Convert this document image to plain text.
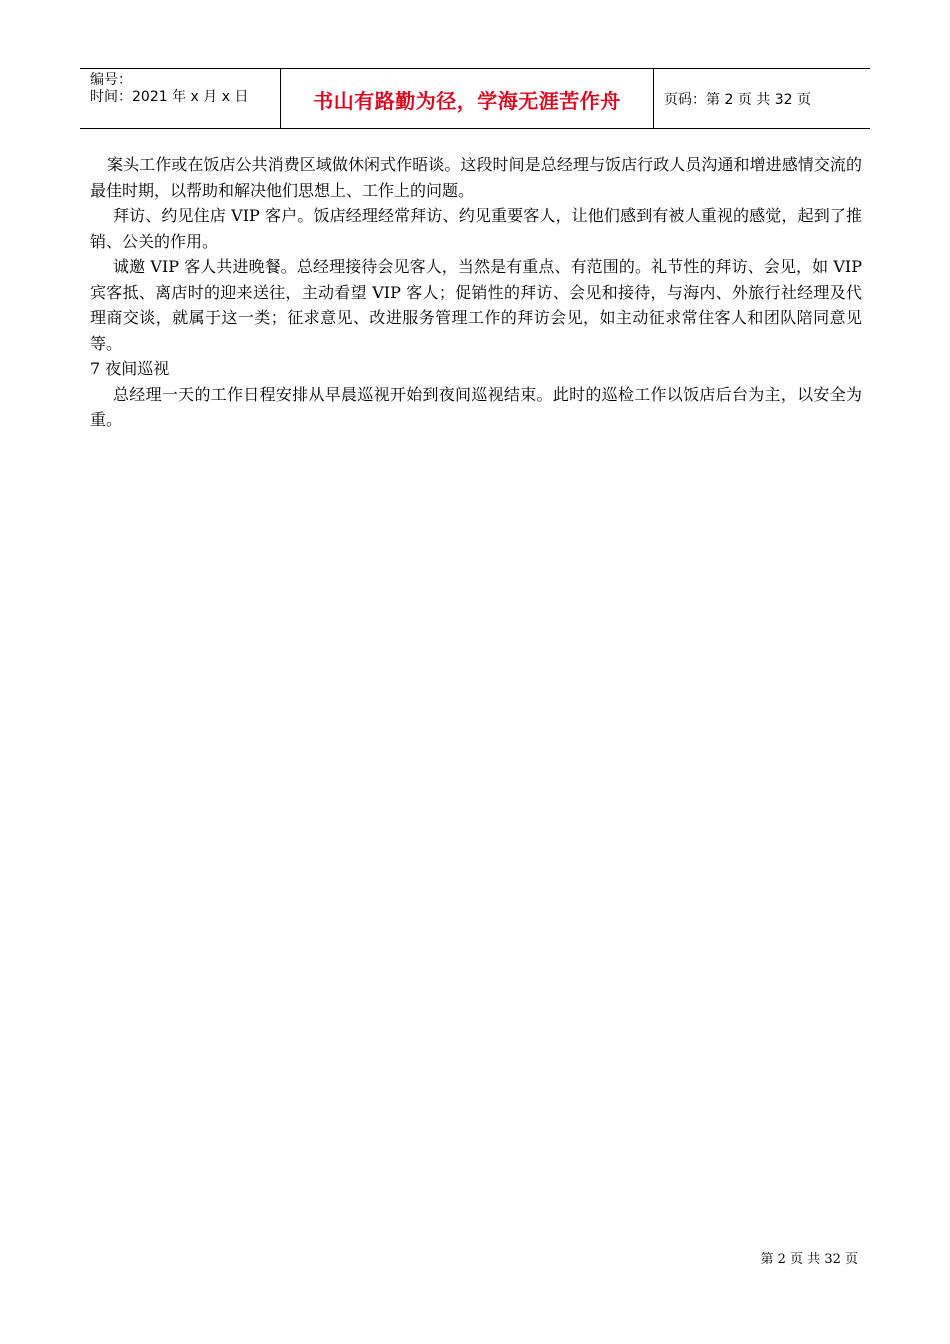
编号：
时间：2021 年 x 月 x 日	书山有路勤为径，学海无涯苦作舟	页码：第 2 页 共 32 页

案头工作或在饭店公共消费区域做休闲式作晤谈。这段时间是总经理与饭店行政人员沟通和增进感情交流的最佳时期，以帮助和解决他们思想上、工作上的问题。

拜访、约见住店 VIP 客户。饭店经理经常拜访、约见重要客人，让他们感到有被人重视的感觉，起到了推销、公关的作用。

诚邀 VIP 客人共进晚餐。总经理接待会见客人，当然是有重点、有范围的。礼节性的拜访、会见，如 VIP 宾客抵、离店时的迎来送往，主动看望 VIP 客人；促销性的拜访、会见和接待，与海内、外旅行社经理及代理商交谈，就属于这一类；征求意见、改进服务管理工作的拜访会见，如主动征求常住客人和团队陪同意见等。

7 夜间巡视

总经理一天的工作日程安排从早晨巡视开始到夜间巡视结束。此时的巡检工作以饭店后台为主，以安全为重。

第 2 页 共 32 页
